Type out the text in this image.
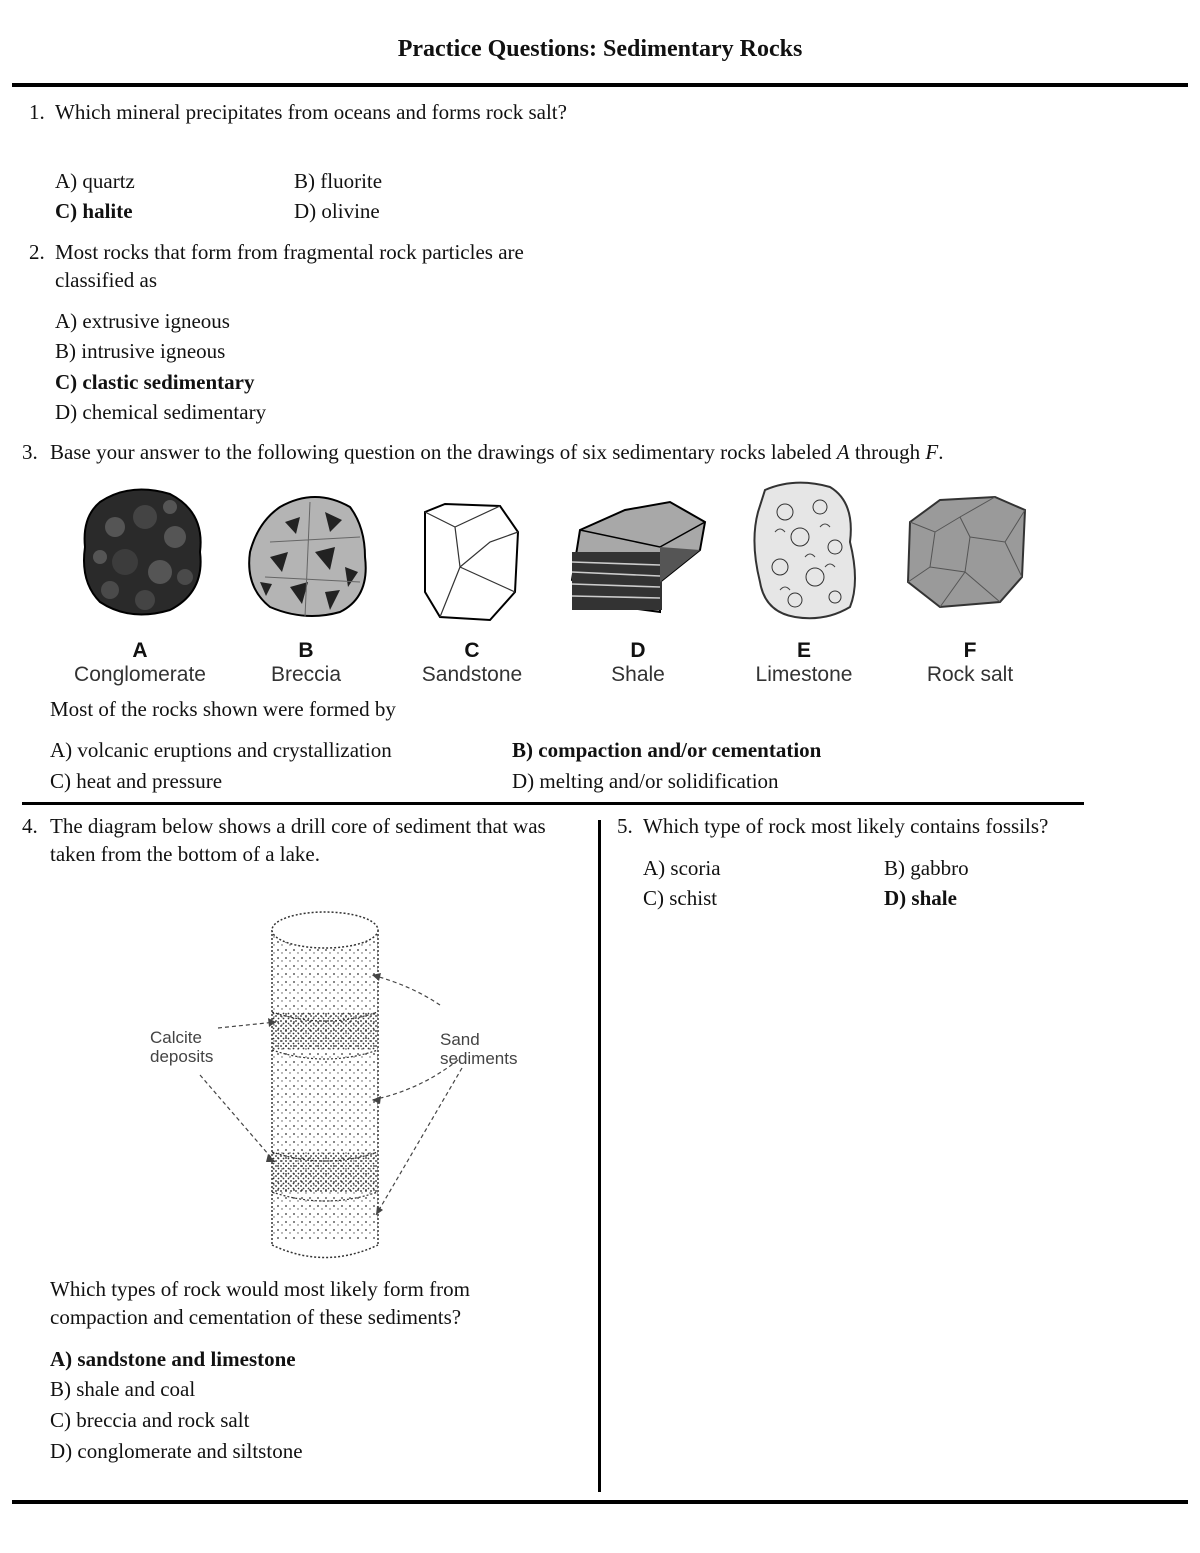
Practice Questions: Sedimentary Rocks
1. Which mineral precipitates from oceans and forms rock salt?
A) quartz	B) fluorite
C) halite	D) olivine
2. Most rocks that form from fragmental rock particles are classified as
A) extrusive igneous
B) intrusive igneous
C) clastic sedimentary
D) chemical sedimentary
3. Base your answer to the following question on the drawings of six sedimentary rocks labeled A through F.
A
Conglomerate
B
Breccia
C
Sandstone
D
Shale
E
Limestone
F
Rock salt
Most of the rocks shown were formed by
A) volcanic eruptions and crystallization	B) compaction and/or cementation
C) heat and pressure	D) melting and/or solidification
4. The diagram below shows a drill core of sediment that was taken from the bottom of a lake.
Calcite
deposits
Sand
sediments
Which types of rock would most likely form from compaction and cementation of these sediments?
A) sandstone and limestone
B) shale and coal
C) breccia and rock salt
D) conglomerate and siltstone
5. Which type of rock most likely contains fossils?
A) scoria	B) gabbro
C) schist	D) shale
